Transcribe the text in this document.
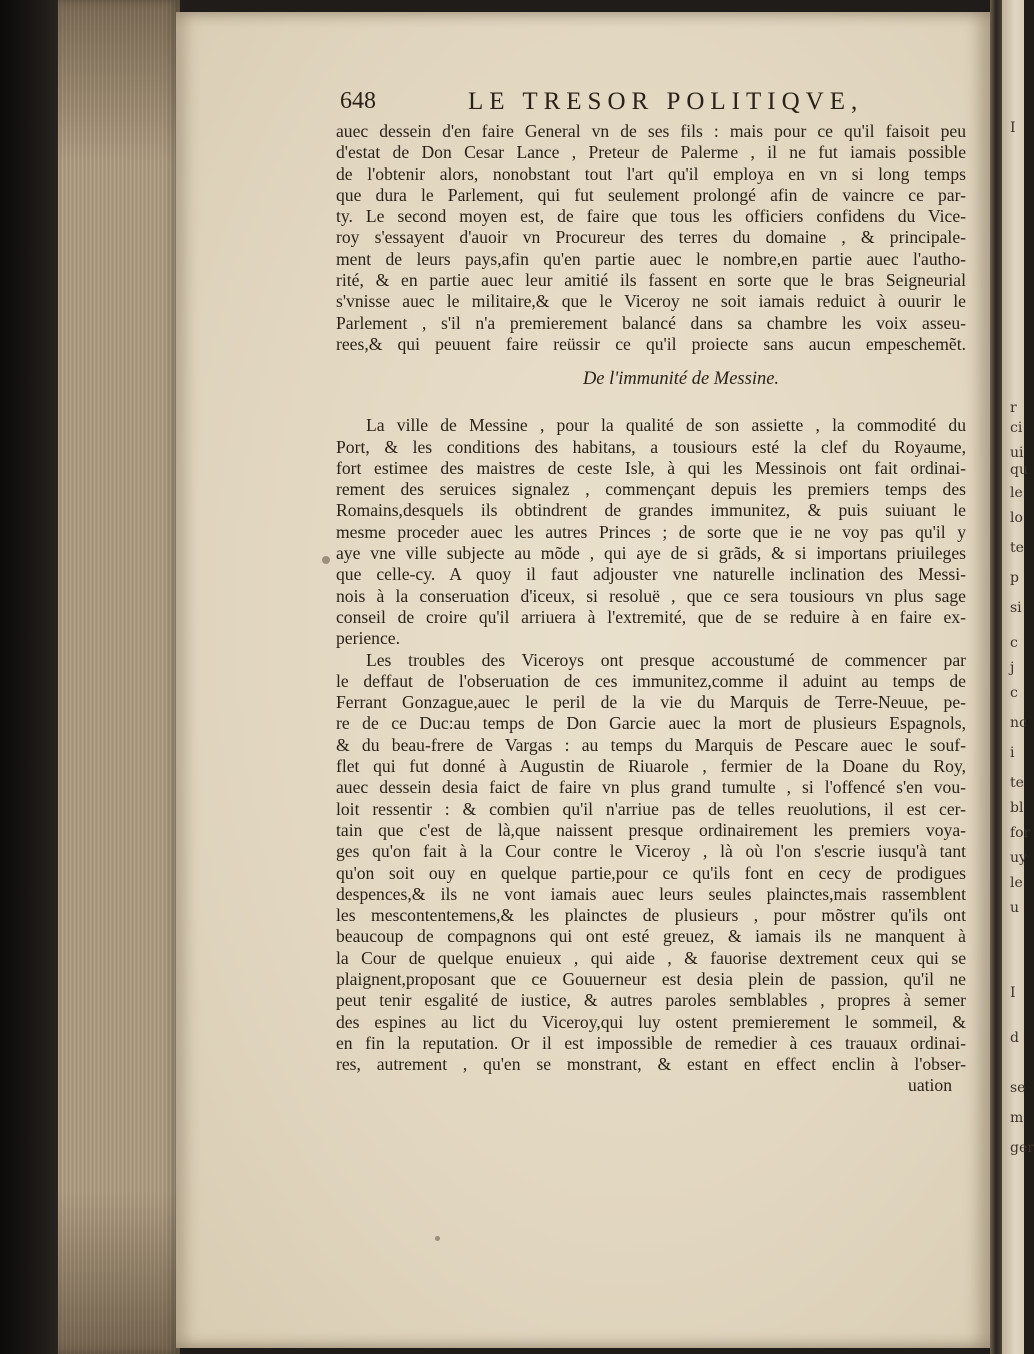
648	LE TRESOR POLITIQVE,
auec dessein d'en faire General vn de ses fils : mais pour ce qu'il faisoit peu
d'estat de Don Cesar Lance , Preteur de Palerme , il ne fut iamais possible
de l'obtenir alors, nonobstant tout l'art qu'il employa en vn si long temps
que dura le Parlement, qui fut seulement prolongé afin de vaincre ce par-
ty. Le second moyen est, de faire que tous les officiers confidens du Vice-
roy s'essayent d'auoir vn Procureur des terres du domaine , & principale-
ment de leurs pays,afin qu'en partie auec le nombre,en partie auec l'autho-
rité, & en partie auec leur amitié ils fassent en sorte que le bras Seigneurial
s'vnisse auec le militaire,& que le Viceroy ne soit iamais reduict à ouurir le
Parlement , s'il n'a premierement balancé dans sa chambre les voix asseu-
rees,& qui peuuent faire reüssir ce qu'il proiecte sans aucun empeschemẽt.
De l'immunité de Messine.
La ville de Messine , pour la qualité de son assiette , la commodité du
Port, & les conditions des habitans, a tousiours esté la clef du Royaume,
fort estimee des maistres de ceste Isle, à qui les Messinois ont fait ordinai-
rement des seruices signalez , commençant depuis les premiers temps des
Romains,desquels ils obtindrent de grandes immunitez, & puis suiuant le
mesme proceder auec les autres Princes ; de sorte que ie ne voy pas qu'il y
aye vne ville subjecte au mõde , qui aye de si grãds, & si importans priuileges
que celle-cy. A quoy il faut adjouster vne naturelle inclination des Messi-
nois à la conseruation d'iceux, si resoluë , que ce sera tousiours vn plus sage
conseil de croire qu'il arriuera à l'extremité, que de se reduire à en faire ex-
perience.
Les troubles des Viceroys ont presque accoustumé de commencer par
le deffaut de l'obseruation de ces immunitez,comme il aduint au temps de
Ferrant Gonzague,auec le peril de la vie du Marquis de Terre-Neuue, pe-
re de ce Duc:au temps de Don Garcie auec la mort de plusieurs Espagnols,
& du beau-frere de Vargas : au temps du Marquis de Pescare auec le souf-
flet qui fut donné à Augustin de Riuarole , fermier de la Doane du Roy,
auec dessein desia faict de faire vn plus grand tumulte , si l'offencé s'en vou-
loit ressentir : & combien qu'il n'arriue pas de telles reuolutions, il est cer-
tain que c'est de là,que naissent presque ordinairement les premiers voya-
ges qu'on fait à la Cour contre le Viceroy , là où l'on s'escrie iusqu'à tant
qu'on soit ouy en quelque partie,pour ce qu'ils font en cecy de prodigues
despences,& ils ne vont iamais auec leurs seules plainctes,mais rassemblent
les mescontentemens,& les plainctes de plusieurs , pour mõstrer qu'ils ont
beaucoup de compagnons qui ont esté greuez, & iamais ils ne manquent à
la Cour de quelque enuieux , qui aide , & fauorise dextrement ceux qui se
plaignent,proposant que ce Gouuerneur est desia plein de passion, qu'il ne
peut tenir esgalité de iustice, & autres paroles semblables , propres à semer
des espines au lict du Viceroy,qui luy ostent premierement le sommeil, &
en fin la reputation. Or il est impossible de remedier à ces trauaux ordinai-
res, autrement , qu'en se monstrant, & estant en effect enclin à l'obser-
uation
I
r
ci
ui
qu
le
lo
te
p
si
c
j
c
nc
i
te
bl
for
uy
le
u
I
d
se
m
ger
